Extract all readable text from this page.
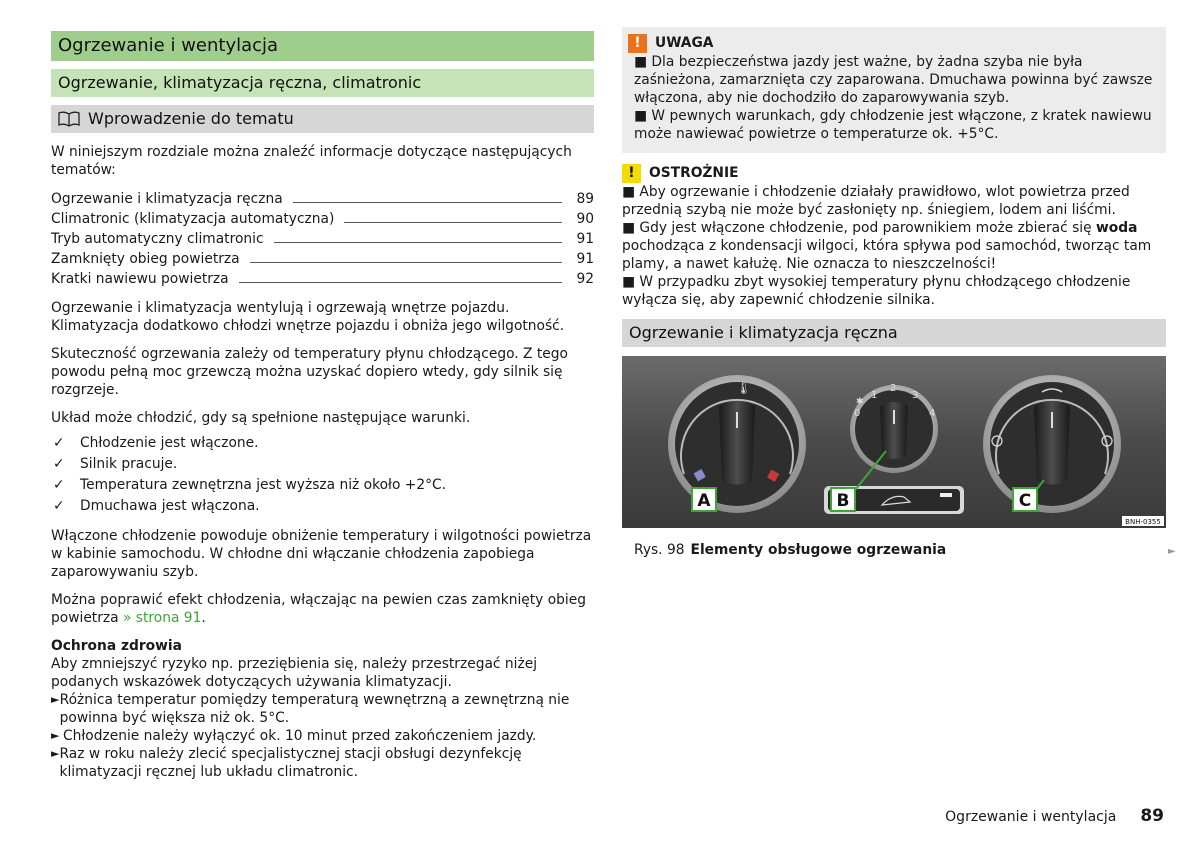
Ogrzewanie i wentylacja
Ogrzewanie, klimatyzacja ręczna, climatronic
Wprowadzenie do tematu

W niniejszym rozdziale można znaleźć informacje dotyczące następujących tematów:

Ogrzewanie i klimatyzacja ręczna	89
Climatronic (klimatyzacja automatyczna)	90
Tryb automatyczny climatronic	91
Zamknięty obieg powietrza	91
Kratki nawiewu powietrza	92

Ogrzewanie i klimatyzacja wentylują i ogrzewają wnętrze pojazdu. Klimatyzacja dodatkowo chłodzi wnętrze pojazdu i obniża jego wilgotność.

Skuteczność ogrzewania zależy od temperatury płynu chłodzącego. Z tego powodu pełną moc grzewczą można uzyskać dopiero wtedy, gdy silnik się rozgrzeje.

Układ może chłodzić, gdy są spełnione następujące warunki.

✓	Chłodzenie jest włączone.
✓	Silnik pracuje.
✓	Temperatura zewnętrzna jest wyższa niż około +2°C.
✓	Dmuchawa jest włączona.

Włączone chłodzenie powoduje obniżenie temperatury i wilgotności powietrza w kabinie samochodu. W chłodne dni włączanie chłodzenia zapobiega zaparowywaniu szyb.

Można poprawić efekt chłodzenia, włączając na pewien czas zamknięty obieg powietrza » strona 91.

Ochrona zdrowia

Aby zmniejszyć ryzyko np. przeziębienia się, należy przestrzegać niżej podanych wskazówek dotyczących używania klimatyzacji.

► Różnica temperatur pomiędzy temperaturą wewnętrzną a zewnętrzną nie powinna być większa niż ok. 5°C.
► Chłodzenie należy wyłączyć ok. 10 minut przed zakończeniem jazdy.
► Raz w roku należy zlecić specjalistycznej stacji obsługi dezynfekcję klimatyzacji ręcznej lub układu climatronic.
!	UWAGA

■ Dla bezpieczeństwa jazdy jest ważne, by żadna szyba nie była zaśnieżona, zamarznięta czy zaparowana. Dmuchawa powinna być zawsze włączona, aby nie dochodziło do zaparowywania szyb.

■ W pewnych warunkach, gdy chłodzenie jest włączone, z kratek nawiewu może nawiewać powietrze o temperaturze ok. +5°C.

!	OSTROŻNIE

■ Aby ogrzewanie i chłodzenie działały prawidłowo, wlot powietrza przed przednią szybą nie może być zasłonięty np. śniegiem, lodem ani liśćmi.

■ Gdy jest włączone chłodzenie, pod parownikiem może zbierać się woda pochodząca z kondensacji wilgoci, która spływa pod samochód, tworząc tam plamy, a nawet kałużę. Nie oznacza to nieszczelności!

■ W przypadku zbyt wysokiej temperatury płynu chłodzącego chłodzenie wyłącza się, aby zapewnić chłodzenie silnika.

Ogrzewanie i klimatyzacja ręczna
🌡
0
1
2
3
4
✱
A	B	C
BNH-0355
Rys. 98 Elementy obsługowe ogrzewania	►
Ogrzewanie i wentylacja 89
